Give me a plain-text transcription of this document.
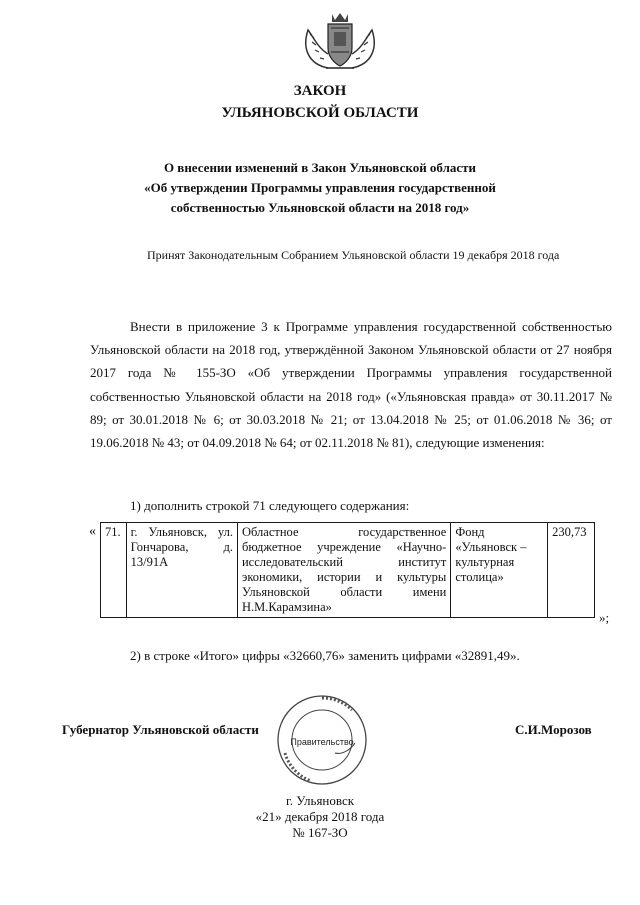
ЗАКОН
УЛЬЯНОВСКОЙ ОБЛАСТИ
О внесении изменений в Закон Ульяновской области
«Об утверждении Программы управления государственной
собственностью Ульяновской области на 2018 год»
Принят Законодательным Собранием Ульяновской области 19 декабря 2018 года
Внести в приложение 3 к Программе управления государственной собственностью Ульяновской области на 2018 год, утверждённой Законом Ульяновской области от 27 ноября 2017 года № 155-ЗО «Об утверждении Программы управления государственной собственностью Ульяновской области на 2018 год» («Ульяновская правда» от 30.11.2017 № 89; от 30.01.2018 № 6; от 30.03.2018 № 21; от 13.04.2018 № 25; от 01.06.2018 № 36; от 19.06.2018 № 43; от 04.09.2018 № 64; от 02.11.2018 № 81), следующие изменения:
1) дополнить строкой 71 следующего содержания:
« 71.	г. Ульяновск, ул. Гончарова, д. 13/91А	Областное государственное бюджетное учреждение «Научно-исследовательский институт экономики, истории и культуры Ульяновской области имени Н.М.Карамзина»	Фонд «Ульяновск – культурная столица»	230,73
»;
2) в строке «Итого» цифры «32660,76» заменить цифрами «32891,49».
Губернатор Ульяновской области
Правительство
С.И.Морозов
г. Ульяновск
«21» декабря 2018 года
№ 167-ЗО
